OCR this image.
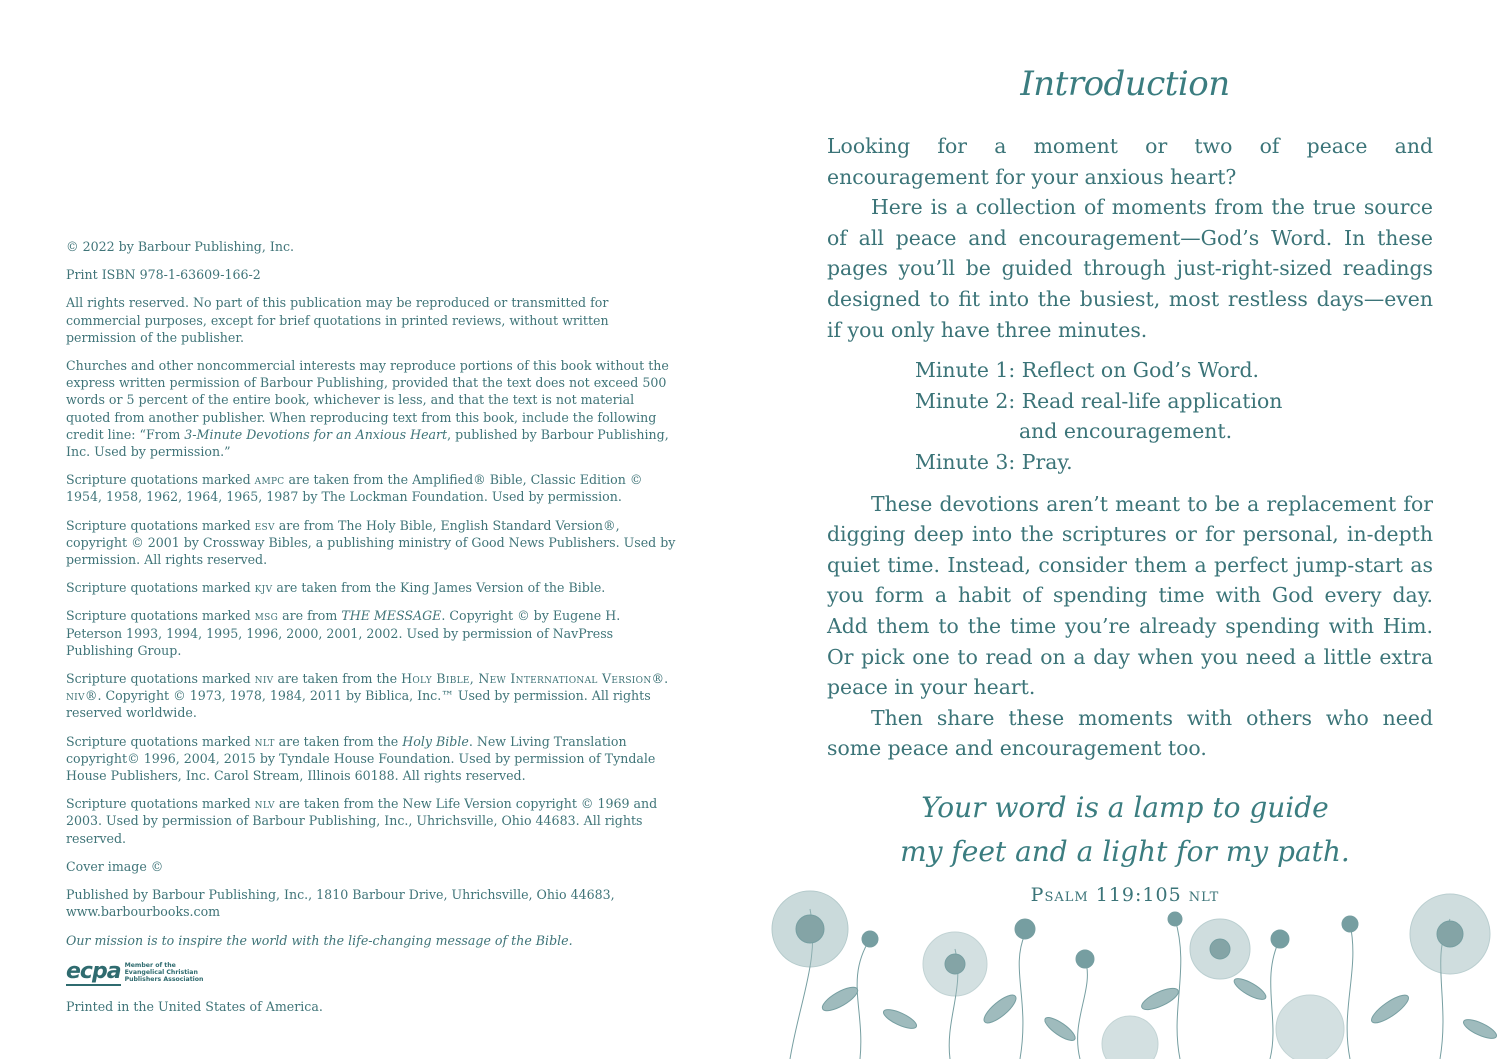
© 2022 by Barbour Publishing, Inc.

Print ISBN 978-1-63609-166-2

All rights reserved. No part of this publication may be reproduced or transmitted for commercial purposes, except for brief quotations in printed reviews, without written permission of the publisher.

Churches and other noncommercial interests may reproduce portions of this book without the express written permission of Barbour Publishing, provided that the text does not exceed 500 words or 5 percent of the entire book, whichever is less, and that the text is not material quoted from another publisher. When reproducing text from this book, include the following credit line: “From 3-Minute Devotions for an Anxious Heart, published by Barbour Publishing, Inc. Used by permission.”

Scripture quotations marked ampc are taken from the Amplified® Bible, Classic Edition © 1954, 1958, 1962, 1964, 1965, 1987 by The Lockman Foundation. Used by permission.

Scripture quotations marked esv are from The Holy Bible, English Standard Version®, copyright © 2001 by Crossway Bibles, a publishing ministry of Good News Publishers. Used by permission. All rights reserved.

Scripture quotations marked kjv are taken from the King James Version of the Bible.

Scripture quotations marked msg are from THE MESSAGE. Copyright © by Eugene H. Peterson 1993, 1994, 1995, 1996, 2000, 2001, 2002. Used by permission of NavPress Publishing Group.

Scripture quotations marked niv are taken from the Holy Bible, New International Version®. niv®. Copyright © 1973, 1978, 1984, 2011 by Biblica, Inc.™ Used by permission. All rights reserved worldwide.

Scripture quotations marked nlt are taken from the Holy Bible. New Living Translation copyright© 1996, 2004, 2015 by Tyndale House Foundation. Used by permission of Tyndale House Publishers, Inc. Carol Stream, Illinois 60188. All rights reserved.

Scripture quotations marked nlv are taken from the New Life Version copyright © 1969 and 2003. Used by permission of Barbour Publishing, Inc., Uhrichsville, Ohio 44683. All rights reserved.

Cover image ©

Published by Barbour Publishing, Inc., 1810 Barbour Drive, Uhrichsville, Ohio 44683, www.barbourbooks.com

Our mission is to inspire the world with the life-changing message of the Bible.

ecpa Member of the
Evangelical Christian
Publishers Association

Printed in the United States of America.

Introduction

Looking for a moment or two of peace and encouragement for your anxious heart?

Here is a collection of moments from the true source of all peace and encouragement—God’s Word. In these pages you’ll be guided through just-right-sized readings designed to fit into the busiest, most restless days—even if you only have three minutes.

Minute 1: Reflect on God’s Word.
Minute 2: Read real-life application
and encouragement.
Minute 3: Pray.

These devotions aren’t meant to be a replacement for digging deep into the scriptures or for personal, in-depth quiet time. Instead, consider them a perfect jump-start as you form a habit of spending time with God every day. Add them to the time you’re already spending with Him. Or pick one to read on a day when you need a little extra peace in your heart.

Then share these moments with others who need some peace and encouragement too.

Your word is a lamp to guide
my feet and a light for my path.
Psalm 119:105 nlt
